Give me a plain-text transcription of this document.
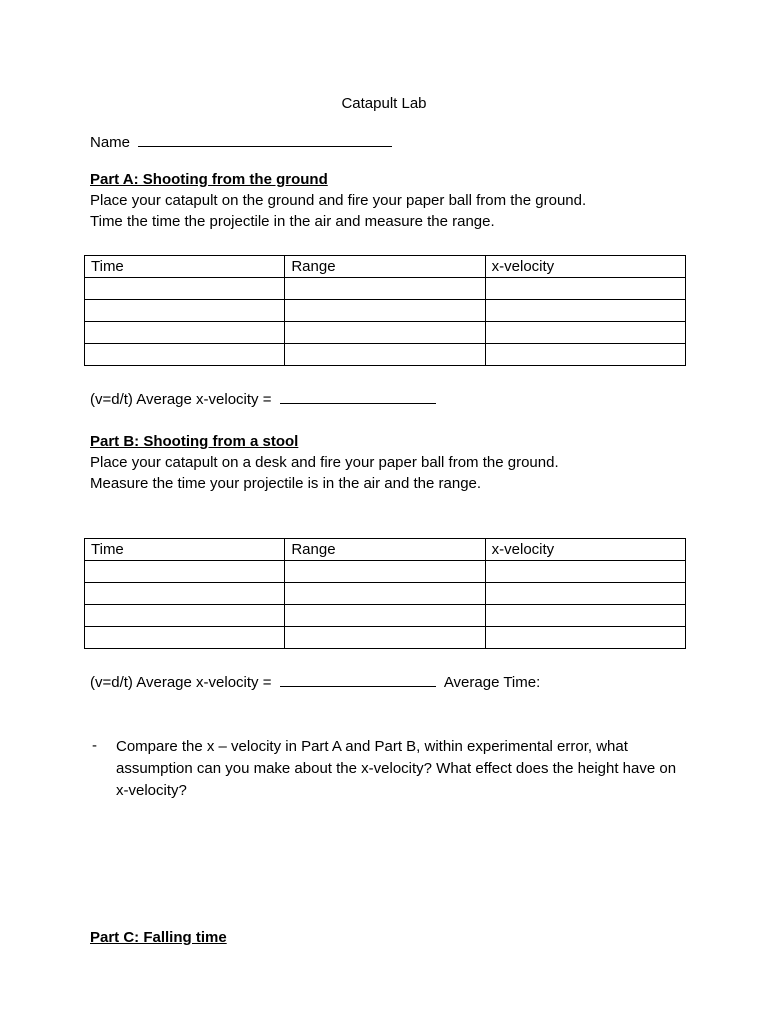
Catapult Lab
Name
Part A: Shooting from the ground
Place your catapult on the ground and fire your paper ball from the ground.
Time the time the projectile in the air and measure the range.
Time	Range	x-velocity

(v=d/t) Average x-velocity =
Part B: Shooting from a stool
Place your catapult on a desk and fire your paper ball from the ground.
Measure the time your projectile is in the air and the range.
Time	Range	x-velocity

(v=d/t) Average x-velocity =	Average Time:
- Compare the x – velocity in Part A and Part B, within experimental error, what assumption can you make about the x-velocity? What effect does the height have on x-velocity?
Part C: Falling time
